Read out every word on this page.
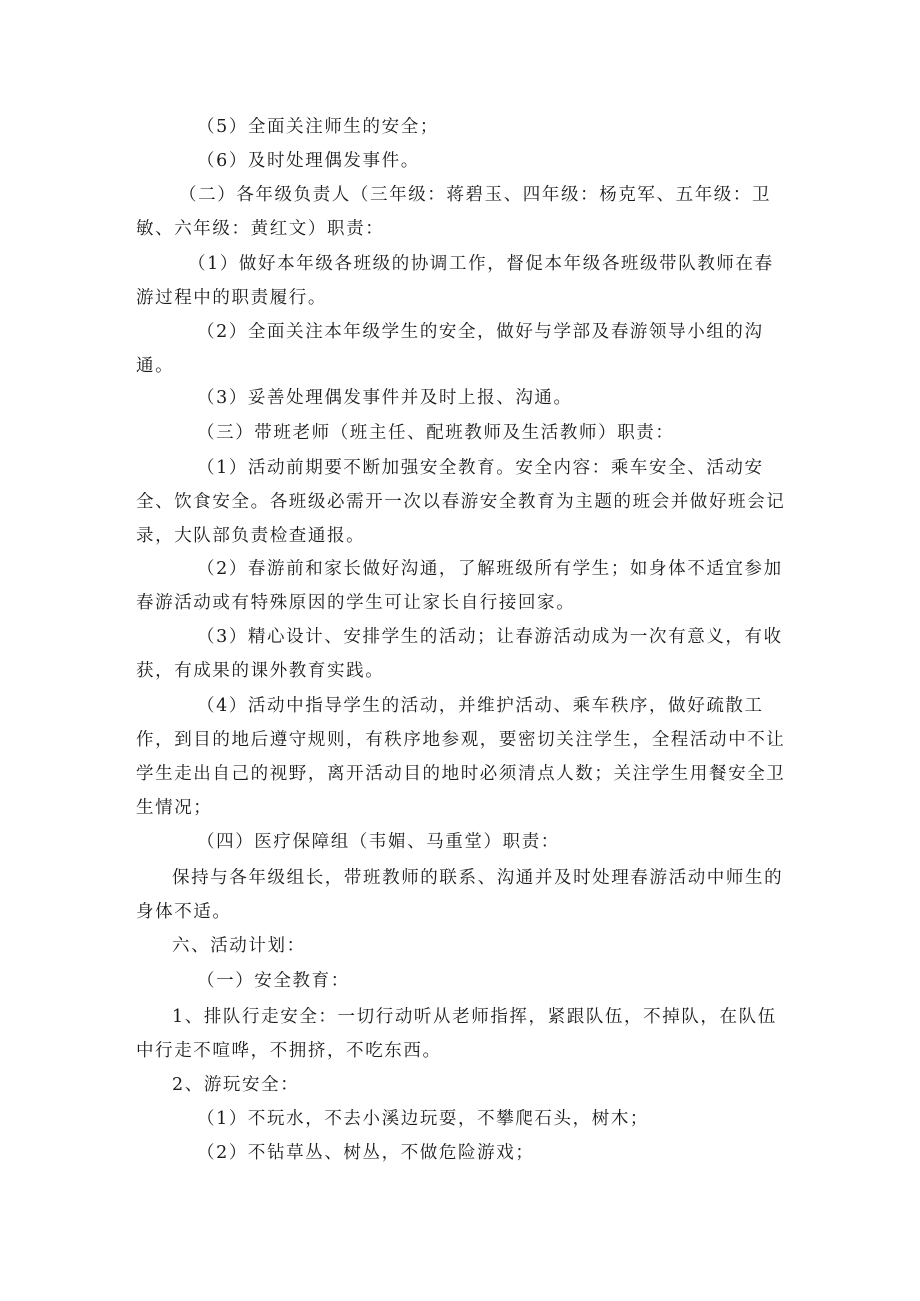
（5）全面关注师生的安全；

（6）及时处理偶发事件。

（二）各年级负责人（三年级：蒋碧玉、四年级：杨克军、五年级：卫敏、六年级：黄红文）职责：

（1）做好本年级各班级的协调工作，督促本年级各班级带队教师在春游过程中的职责履行。

（2）全面关注本年级学生的安全，做好与学部及春游领导小组的沟通。

（3）妥善处理偶发事件并及时上报、沟通。

（三）带班老师（班主任、配班教师及生活教师）职责：

（1）活动前期要不断加强安全教育。安全内容：乘车安全、活动安全、饮食安全。各班级必需开一次以春游安全教育为主题的班会并做好班会记录，大队部负责检查通报。

（2）春游前和家长做好沟通，了解班级所有学生；如身体不适宜参加春游活动或有特殊原因的学生可让家长自行接回家。

（3）精心设计、安排学生的活动；让春游活动成为一次有意义，有收获，有成果的课外教育实践。

（4）活动中指导学生的活动，并维护活动、乘车秩序，做好疏散工作，到目的地后遵守规则，有秩序地参观，要密切关注学生，全程活动中不让学生走出自己的视野，离开活动目的地时必须清点人数；关注学生用餐安全卫生情况；

（四）医疗保障组（韦媚、马重堂）职责：

保持与各年级组长，带班教师的联系、沟通并及时处理春游活动中师生的身体不适。

六、活动计划：

（一）安全教育：

1、排队行走安全：一切行动听从老师指挥，紧跟队伍，不掉队，在队伍中行走不喧哗，不拥挤，不吃东西。

2、游玩安全：

（1）不玩水，不去小溪边玩耍，不攀爬石头，树木；

（2）不钻草丛、树丛，不做危险游戏；
